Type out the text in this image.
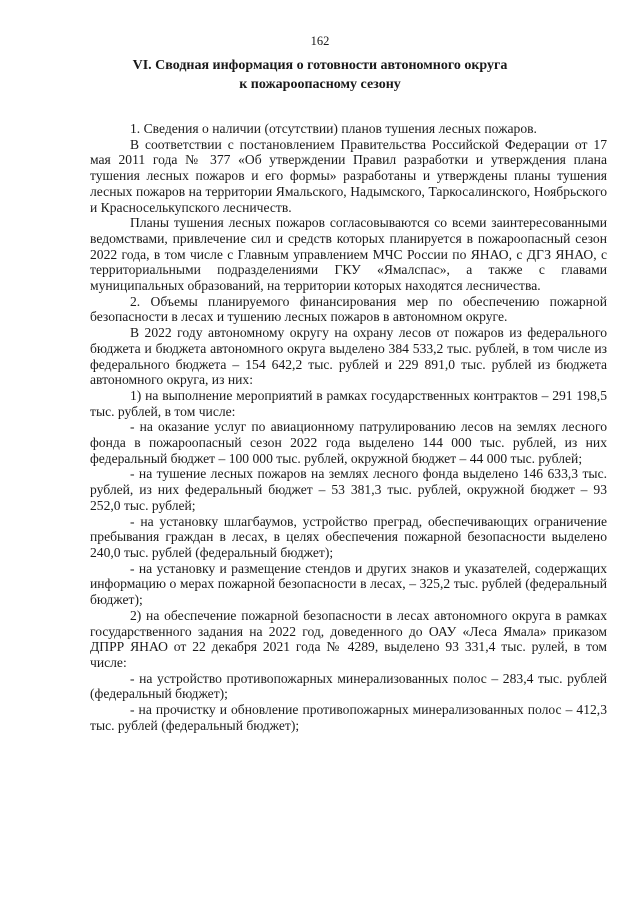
162
VI. Сводная информация о готовности автономного округа
к пожароопасному сезону

1. Сведения о наличии (отсутствии) планов тушения лесных пожаров.

В соответствии с постановлением Правительства Российской Федерации от 17 мая 2011 года № 377 «Об утверждении Правил разработки и утверждения плана тушения лесных пожаров и его формы» разработаны и утверждены планы тушения лесных пожаров на территории Ямальского, Надымского, Таркосалинского, Ноябрьского и Красноселькупского лесничеств.

Планы тушения лесных пожаров согласовываются со всеми заинтересованными ведомствами, привлечение сил и средств которых планируется в пожароопасный сезон 2022 года, в том числе с Главным управлением МЧС России по ЯНАО, с ДГЗ ЯНАО, с территориальными подразделениями ГКУ «Ямалспас», а также с главами муниципальных образований, на территории которых находятся лесничества.

2. Объемы планируемого финансирования мер по обеспечению пожарной безопасности в лесах и тушению лесных пожаров в автономном округе.

В 2022 году автономному округу на охрану лесов от пожаров из федерального бюджета и бюджета автономного округа выделено 384 533,2 тыс. рублей, в том числе из федерального бюджета – 154 642,2 тыс. рублей и 229 891,0 тыс. рублей из бюджета автономного округа, из них:

1) на выполнение мероприятий в рамках государственных контрактов – 291 198,5 тыс. рублей, в том числе:

- на оказание услуг по авиационному патрулированию лесов на землях лесного фонда в пожароопасный сезон 2022 года выделено 144 000 тыс. рублей, из них федеральный бюджет – 100 000 тыс. рублей, окружной бюджет – 44 000 тыс. рублей;

- на тушение лесных пожаров на землях лесного фонда выделено 146 633,3 тыс. рублей, из них федеральный бюджет – 53 381,3 тыс. рублей, окружной бюджет – 93 252,0 тыс. рублей;

- на установку шлагбаумов, устройство преград, обеспечивающих ограничение пребывания граждан в лесах, в целях обеспечения пожарной безопасности выделено 240,0 тыс. рублей (федеральный бюджет);

- на установку и размещение стендов и других знаков и указателей, содержащих информацию о мерах пожарной безопасности в лесах, – 325,2 тыс. рублей (федеральный бюджет);

2) на обеспечение пожарной безопасности в лесах автономного округа в рамках государственного задания на 2022 год, доведенного до ОАУ «Леса Ямала» приказом ДПРР ЯНАО от 22 декабря 2021 года № 4289, выделено 93 331,4 тыс. рулей, в том числе:

- на устройство противопожарных минерализованных полос – 283,4 тыс. рублей (федеральный бюджет);

- на прочистку и обновление противопожарных минерализованных полос – 412,3 тыс. рублей (федеральный бюджет);
